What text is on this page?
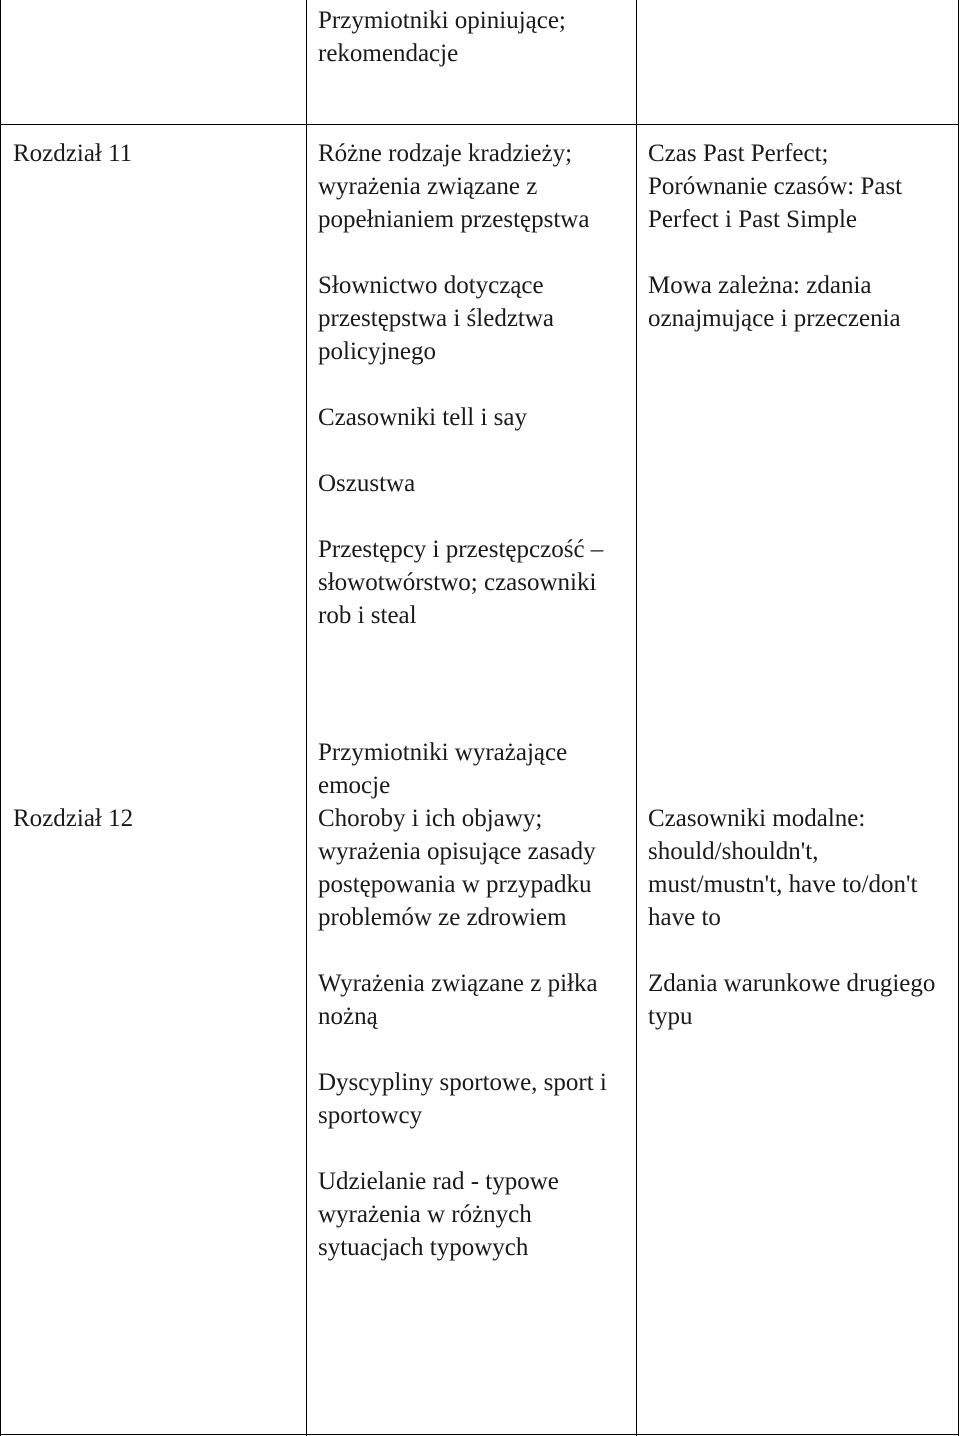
Przymiotniki opiniujące; rekomendacje

Rozdział 11	Różne rodzaje kradzieży; wyrażenia związane z popełnianiem przestępstwa

Słownictwo dotyczące przestępstwa i śledztwa policyjnego

Czasowniki tell i say

Oszustwa

Przestępcy i przestępczość – słowotwórstwo; czasowniki rob i steal

Czas Past Perfect; Porównanie czasów: Past Perfect i Past Simple

Mowa zależna: zdania oznajmujące i przeczenia

Przymiotniki wyrażające emocje
Rozdział 12	Choroby i ich objawy; wyrażenia opisujące zasady postępowania w przypadku problemów ze zdrowiem

Wyrażenia związane z piłka nożną

Dyscypliny sportowe, sport i sportowcy

Udzielanie rad - typowe wyrażenia w różnych sytuacjach typowych

Czasowniki modalne: should/shouldn't, must/mustn't, have to/don't have to

Zdania warunkowe drugiego typu
